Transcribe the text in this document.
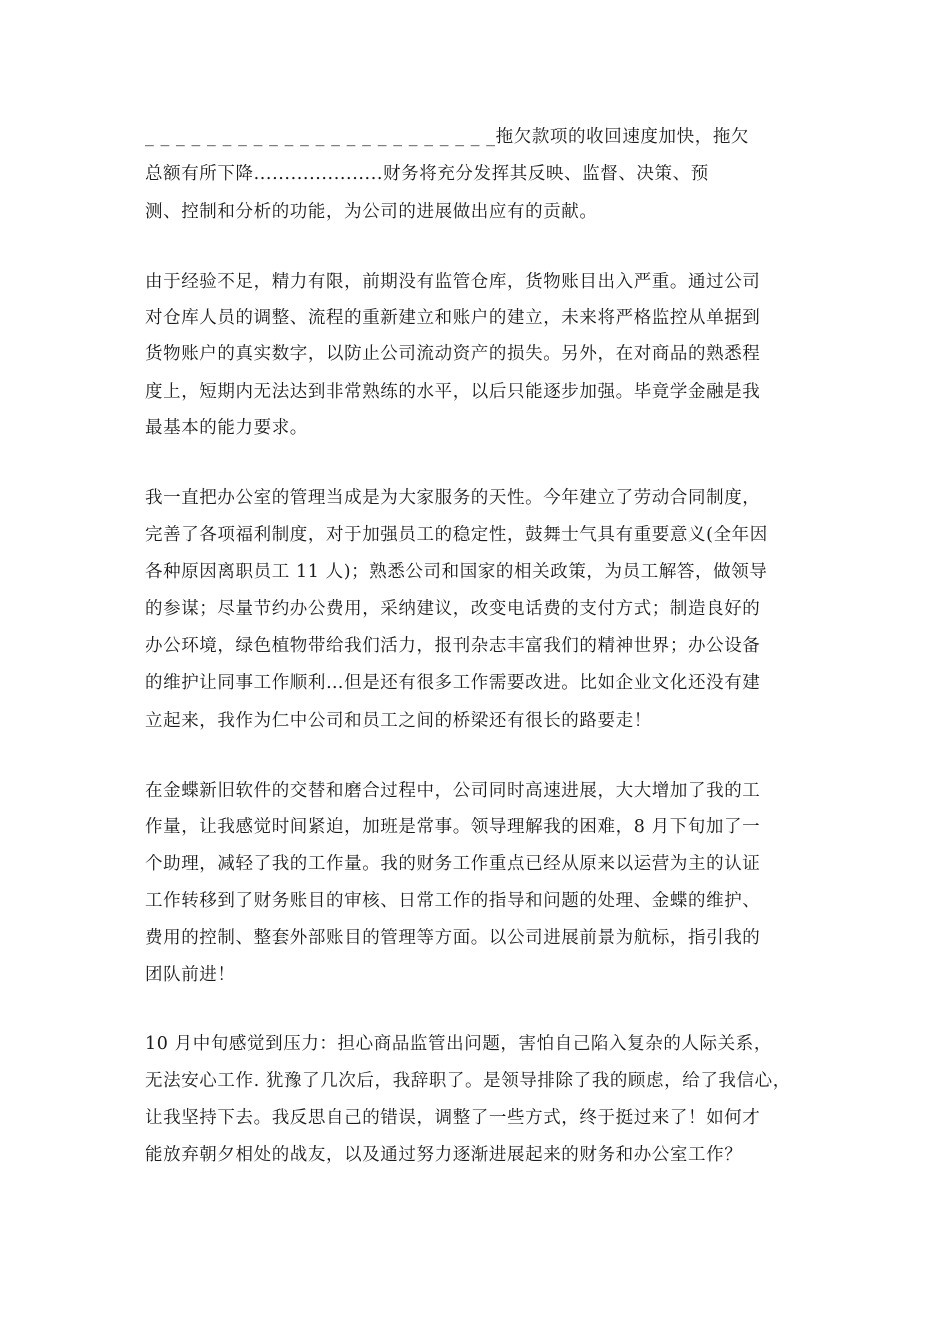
_ _ _ _ _ _ _ _ _ _ _ _ _ _ _ _ _ _ _ _ _ _ _拖欠款项的收回速度加快，拖欠
总额有所下降.....................财务将充分发挥其反映、监督、决策、预
测、控制和分析的功能，为公司的进展做出应有的贡献。
由于经验不足，精力有限，前期没有监管仓库，货物账目出入严重。通过公司
对仓库人员的调整、流程的重新建立和账户的建立，未来将严格监控从单据到
货物账户的真实数字，以防止公司流动资产的损失。另外，在对商品的熟悉程
度上，短期内无法达到非常熟练的水平，以后只能逐步加强。毕竟学金融是我
最基本的能力要求。
我一直把办公室的管理当成是为大家服务的天性。今年建立了劳动合同制度，
完善了各项福利制度，对于加强员工的稳定性，鼓舞士气具有重要意义(全年因
各种原因离职员工 11 人)；熟悉公司和国家的相关政策，为员工解答，做领导
的参谋；尽量节约办公费用，采纳建议，改变电话费的支付方式；制造良好的
办公环境，绿色植物带给我们活力，报刊杂志丰富我们的精神世界；办公设备
的维护让同事工作顺利…但是还有很多工作需要改进。比如企业文化还没有建
立起来，我作为仁中公司和员工之间的桥梁还有很长的路要走！
在金蝶新旧软件的交替和磨合过程中，公司同时高速进展，大大增加了我的工
作量，让我感觉时间紧迫，加班是常事。领导理解我的困难，8 月下旬加了一
个助理，减轻了我的工作量。我的财务工作重点已经从原来以运营为主的认证
工作转移到了财务账目的审核、日常工作的指导和问题的处理、金蝶的维护、
费用的控制、整套外部账目的管理等方面。以公司进展前景为航标，指引我的
团队前进！
10 月中旬感觉到压力：担心商品监管出问题，害怕自己陷入复杂的人际关系，
无法安心工作. 犹豫了几次后，我辞职了。是领导排除了我的顾虑，给了我信心，
让我坚持下去。我反思自己的错误，调整了一些方式，终于挺过来了！如何才
能放弃朝夕相处的战友，以及通过努力逐渐进展起来的财务和办公室工作？
